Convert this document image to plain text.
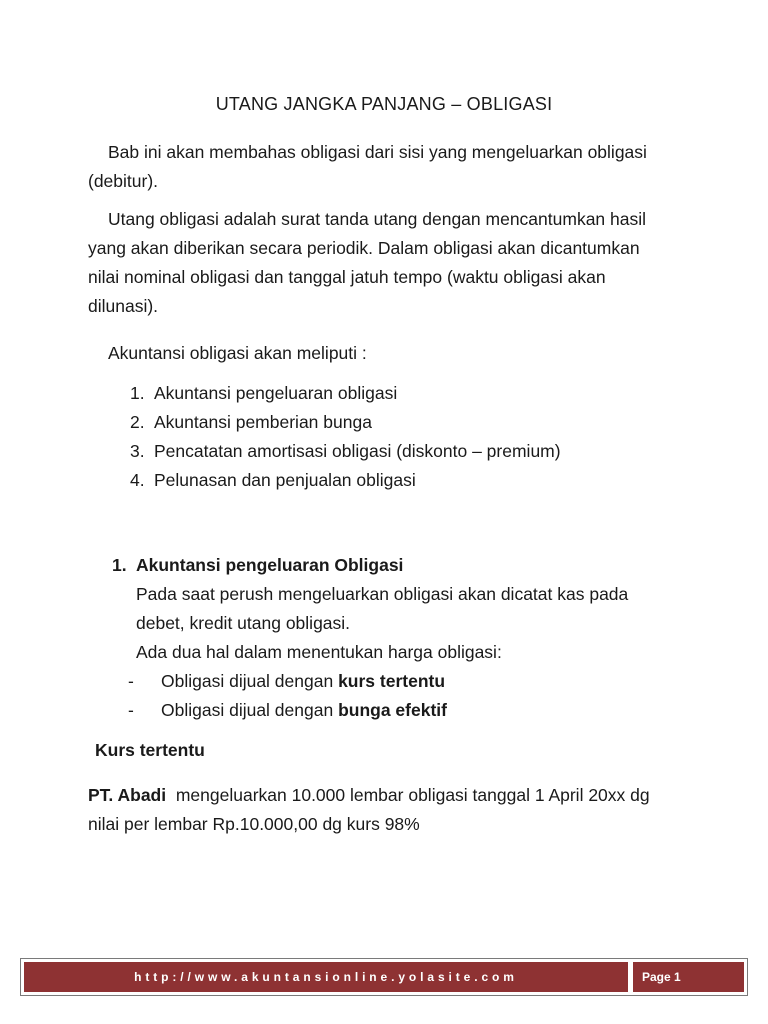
UTANG JANGKA PANJANG – OBLIGASI
Bab ini akan membahas obligasi dari sisi yang mengeluarkan obligasi
(debitur).
Utang obligasi adalah surat tanda utang dengan mencantumkan hasil
yang akan diberikan secara periodik. Dalam obligasi akan dicantumkan
nilai nominal obligasi dan tanggal jatuh tempo (waktu obligasi akan
dilunasi).
Akuntansi obligasi akan meliputi :
1. Akuntansi pengeluaran obligasi
2. Akuntansi pemberian bunga
3. Pencatatan amortisasi obligasi (diskonto – premium)
4. Pelunasan dan penjualan obligasi
1. Akuntansi pengeluaran Obligasi
Pada saat perush mengeluarkan obligasi akan dicatat kas pada
debet, kredit utang obligasi.
Ada dua hal dalam menentukan harga obligasi:
-	Obligasi dijual dengan kurs tertentu
-	Obligasi dijual dengan bunga efektif
Kurs tertentu
PT. Abadi  mengeluarkan 10.000 lembar obligasi tanggal 1 April 20xx dg
nilai per lembar Rp.10.000,00 dg kurs 98%
http://www.akuntansionline.yolasite.com	Page
1
